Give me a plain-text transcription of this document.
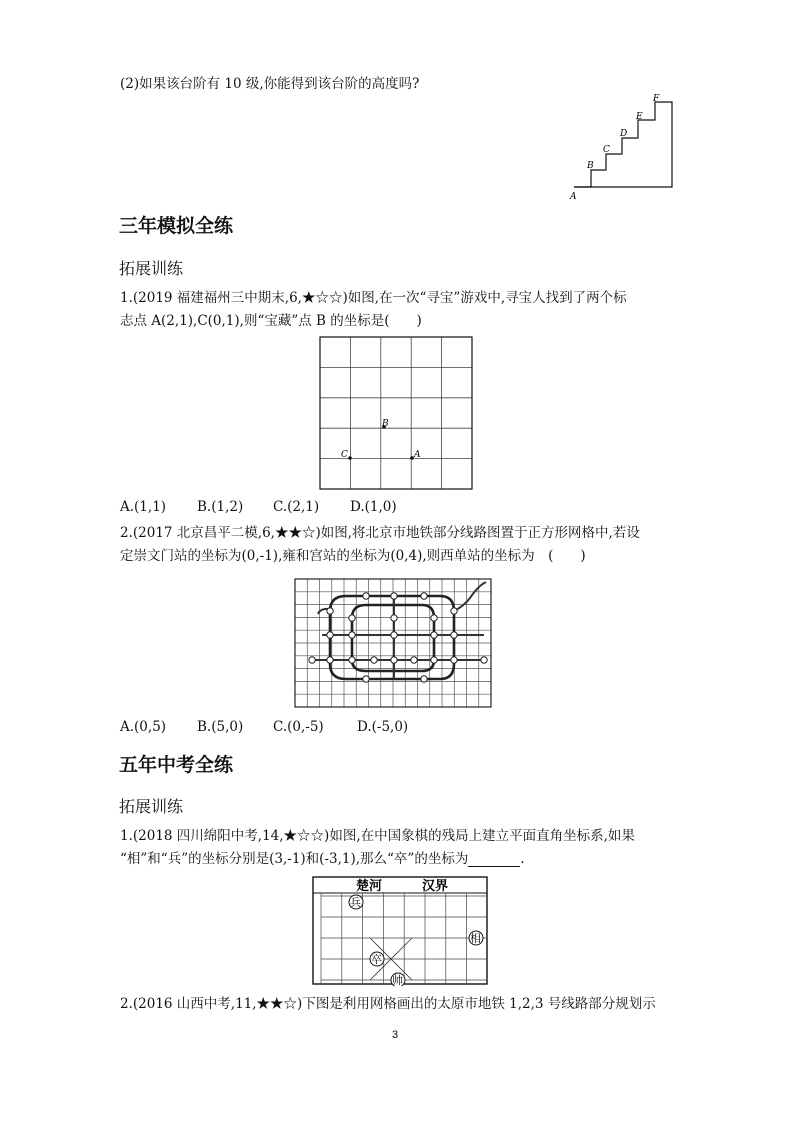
(2)如果该台阶有 10 级,你能得到该台阶的高度吗?
A
B
C
D
E
F
三年模拟全练
拓展训练
1.(2019 福建福州三中期末,6,★☆☆)如图,在一次“寻宝”游戏中,寻宝人找到了两个标
志点 A(2,1),C(0,1),则“宝藏”点 B 的坐标是(　　)
B
C	A
A.(1,1) B.(1,2) C.(2,1) D.(1,0)
2.(2017 北京昌平二模,6,★★☆)如图,将北京市地铁部分线路图置于正方形网格中,若设
定崇文门站的坐标为(0,-1),雍和宫站的坐标为(0,4),则西单站的坐标为　(　　)
A.(0,5) B.(5,0) C.(0,-5) D.(-5,0)
五年中考全练
拓展训练
1.(2018 四川绵阳中考,14,★☆☆)如图,在中国象棋的残局上建立平面直角坐标系,如果
“相”和“兵”的坐标分别是(3,-1)和(-3,1),那么“卒”的坐标为	.
楚河	汉界
兵
相
卒
帅
2.(2016 山西中考,11,★★☆)下图是利用网格画出的太原市地铁 1,2,3 号线路部分规划示
3
